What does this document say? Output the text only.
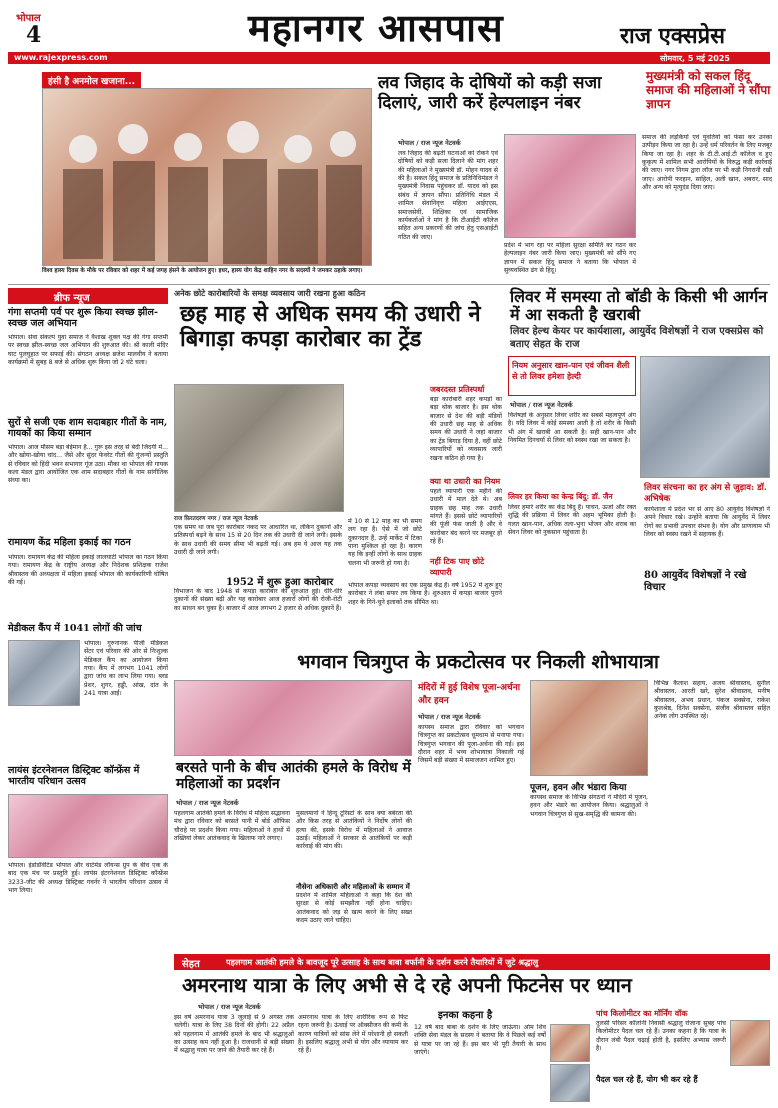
भोपाल
4	महानगर आसपास	राज एक्सप्रेस
www.rajexpress.com	सोमवार, 5 मई 2025
हंसी है अनमोल खजाना...
विश्व हास्य दिवस के मौके पर रविवार को शहर में कई जगह हंसने के आयोजन हुए। इधर, हास्य योग केंद्र शाहिन नगर के सदस्यों ने जमकर ठहाके लगाए।
लव जिहाद के दोषियों को कड़ी सजा दिलाएं, जारी करें हेल्पलाइन नंबर
मुख्यमंत्री को सकल हिंदू समाज की महिलाओं ने सौंपा ज्ञापन
भोपाल / राज न्यूज नेटवर्क
लव जिहाद की बढ़ती घटनाओं को रोकने एवं दोषियों को कड़ी सजा दिलाने की मांग शहर की महिलाओं ने मुख्यमंत्री डॉ. मोहन यादव से की है। सकल हिंदू समाज के प्रतिनिधिमंडल ने मुख्यमंत्री निवास पहुंचकर डॉ. यादव को इस संबंध में ज्ञापन सौंपा। प्रतिनिधि मंडल में शामिल सेवानिवृत्त महिला आईएएस, समाजसेवी, शिक्षिका एवं सामाजिक कार्यकर्ताओं ने मांग है कि टीआईटी कॉलेज सहित अन्य प्रकरणों की जांच हेतु एसआईटी गठित की जाए।
प्रदेश में भाग रहा पर महिला सुरक्षा समिति का गठन कर हेल्पलाइन नंबर जारी किया जाए। मुख्यमंत्री को सौंपे गए ज्ञापन में सकल हिंदू समाज ने बताया कि भोपाल में सुव्यवस्थित ढंग से हिंदू।
समाज की लड़कियों एवं युवतियों को फंसा कर उनका उत्पीड़न किया जा रहा है। उन्हें धर्म परिवर्तन के लिए मजबूर किया जा रहा है। शहर के टी.टी.आई.टी कॉलेज व हुए कुकृत्य में शामिल सभी आरोपियों के विरुद्ध कड़ी कार्रवाई की जाए। नगर निगम द्वारा लॉज पर भी कड़ी निगरानी रखी जाए। आरोपी फरहान, साहिल, अली खान, अबरार, साद और अन्य को मृत्युदंड दिया जाए।
ब्रीफ न्यूज
गंगा सप्तमी पर्व पर शुरू किया स्वच्छ झील-स्वच्छ जल अभियान
भोपाल। सेवा संकल्प युवा समाज ने वैशाख शुक्ल पक्ष की गंगा सप्तमी पर स्वच्छ झील-स्वच्छ जल अभियान की शुरुआत की। श्री काली मंदिर घाट पुलघुहात पर सफाई की। संगठन अध्यक्ष ब्रजेश मालवीय ने बताया कार्यक्रमों में सुबह 8 बजे से अधिक शुरू किया जो 2 घंटे चला।
सुरों से सजी एक शाम सदाबहार गीतों के नाम, गायकों का किया सम्मान
भोपाल। आज मौसम बड़ा बेईमान है... गुरू इस तरह से बेदी जिंदगी में... और खोया-खोया चांद... जैसे और सुंदर फेवरेट गीतों की गूंजन्यों प्रस्तुति से रविवार को हिंदी भवन सभागार गूंज उठा। मौका था भोपाल की गायक कला मंडल द्वारा आयोजित एक शाम सदाबहार गीतों के नाम सांगीतिक संध्या का।
रामायण केंद्र महिला इकाई का गठन
भोपाल। रामायण केंद्र की महिला इकाई लालघाटी भोपाल का गठन किया गया। रामायण केंद्र के राष्ट्रीय अध्यक्ष और निदेशक प्रशिक्षक राजेश श्रीवास्तव की अध्यक्षता में महिला इकाई भोपाल की कार्यकारिणी घोषित की गई।
मेडीकल कैंप में 1041 लोगों की जांच
भोपाल। गुरुनानक पीजी मेडिकल सेंटर एवं परिवार की ओर से निःशुल्क मेडिकल कैंप का आयोजन किया गया। कैंप में लगभग 1041 लोगों द्वारा जांच का लाभ लिया गया। ब्लड प्रेशर, शुगर, हड्डी, आंख, दांत के 241 यात्रा आईं।
लायंस इंटरनेशनल डिस्ट्रिक्ट कॉन्फ्रेंस में भारतीय परिधान उत्सव
भोपाल। इंडोडॉवेटिड भोपाल और चार्टमेड लॉयन्स ग्रुप के बीच एक के बाद एक मंच पर प्रस्तुति हुई। लायंस इंटरनेशनल डिस्ट्रिक्ट कॉन्फ्रेंस 3233-जीट की अध्यक्ष डिस्ट्रिक्ट गवर्नर ने भारतीय परिधान उत्सव में भाग लिया।
अनेक छोटे कारोबारियों के समक्ष व्यवसाय जारी रखना हुआ कठिन
छह माह से अधिक समय की उधारी ने बिगाड़ा कपड़ा कारोबार का ट्रेंड
राज फ़ि‍रतदरण नगर / राज न्यूज नेटवर्क	में 10 से 12 माह का भी समय लग रहा है। ऐसे में जो छोटे दुकानदार हैं, उन्हें मार्केट में टिका पाना मुश्किल हो रहा है। कारण यह कि इन्हीं लोगों के साथ ग्राहक चलना भी जरूरी हो गया है।
जबरदस्त प्रतिस्पर्धा
बड़ा कारोबारी शहर कपड़ों का बड़ा थोक बाजार है। इस थोक बाजार से देश की बड़ी मंडियों की उधारी छह माह से अधिक समय की उधारी ने जहां बाजार का ट्रेंड बिगाड़ दिया है, वहीं छोटे व्यापारियों को व्यवसाय जारी रखना कठिन हो गया है।
क्या था उधारी का नियम
पहले व्यापारी एक महीने की उधारी में माल देते थे। अब ग्राहक छह माह तक उधारी मांगते हैं। इससे छोटे व्यापारियों की पूंजी फंस जाती है और वे कारोबार बंद करने पर मजबूर हो रहे हैं।
नहीं टिक पाए छोटे व्यापारी
एक समय था जब पूरा कारोबार नकद पर आधारित था, लेकिन दुकानों और प्रतिस्पर्धा बढ़ने के साथ 15 से 20 दिन तक की उधारी दी जाने लगी। इसके के साथ उधारी की समय सीमा भी बढ़ती गई। अब हम ये आज यह तक उधारी दी जाने लगी।
1952 में शुरू हुआ कारोबार
विभाजन के बाद 1948 से कपड़ा कारोबार की शुरुआत हुई। धीरे-धीरे दुकानों की संख्या बढ़ी और यह कारोबार आज हजारों लोगों की रोजी-रोटी का साधन बन चुका है। बाजार में आज लगभग 2 हजार से अधिक दुकानें हैं।
भोपाल कपड़ा व्यवसाय का एक प्रमुख केंद्र है। वर्ष 1952 में शुरू हुए कारोबार ने लंबा सफर तय किया है। शुरुआत में कपड़ा बाजार पुराने शहर के गिने-चुने इलाकों तक सीमित था।
लिवर में समस्या तो बॉडी के किसी भी आर्गन में आ सकती है खराबी
लिवर हेल्थ केयर पर कार्यशाला, आयुर्वेद विशेषज्ञों ने राज एक्सप्रेस को बताए सेहत के राज
नियम अनुसार खान-पान एवं जीवन शैली से तो लिवर हमेशा हेल्दी
भोपाल / राज न्यूज नेटवर्क
विशेषज्ञों के अनुसार लिवर शरीर का सबसे महत्वपूर्ण अंग है। यदि लिवर में कोई समस्या आती है तो शरीर के किसी भी अंग में खराबी आ सकती है। सही खान-पान और नियमित दिनचर्या से लिवर को स्वस्थ रखा जा सकता है।
लिवर हर किया का केन्द्र बिंदु: डॉ. जैन
लिवर हमारे शरीर का केंद्र बिंदु है। पाचन, ऊर्जा और रक्त शुद्धि की प्रक्रिया में लिवर की अहम भूमिका होती है। गलत खान-पान, अधिक तला-भुना भोजन और शराब का सेवन लिवर को नुकसान पहुंचाता है।
लिवर संरचना का हर अंग से जुड़ाव: डॉ. अभिषेक
कार्यशाला में प्रदेश भर से आए 80 आयुर्वेद विशेषज्ञों ने अपने विचार रखे। उन्होंने बताया कि आयुर्वेद में लिवर रोगों का प्रभावी उपचार संभव है। योग और प्राणायाम भी लिवर को स्वस्थ रखने में सहायक हैं।
80 आयुर्वेद विशेषज्ञों ने रखे विचार
भगवान चित्रगुप्त के प्रकटोत्सव पर निकली शोभायात्रा
मंदिरों में हुई विशेष पूजा-अर्चना और हवन
भोपाल / राज न्यूज नेटवर्क
कायस्थ समाज द्वारा रविवार को भगवान चित्रगुप्त का प्रकटोत्सव धूमधाम से मनाया गया। चित्रगुप्त भगवान की पूजा-अर्चना की गई। इस दौरान शहर में भव्य शोभायात्रा निकाली गई जिसमें बड़ी संख्या में समाजजन शामिल हुए।
पूजन, हवन और भंडारा किया
कायस्थ समाज के विभिन्न संगठनों ने मंदिरों में पूजन, हवन और भंडारे का आयोजन किया। श्रद्धालुओं ने भगवान चित्रगुप्त से सुख-समृद्धि की कामना की।
विभिन्न कैलाश सहाय, अजय श्रीवास्तव, सुनील श्रीवास्तव, आरती खरे, सुरेश श्रीवास्तव, मनीष श्रीवास्तव, अभय प्रधान, पंकज सक्सेना, राकेश कुलश्रेष्ठ, दिनेश सक्सेना, संजीव श्रीवास्तव सहित अनेक लोग उपस्थित रहे।
बरसते पानी के बीच आतंकी हमले के विरोध में महिलाओं का प्रदर्शन
भोपाल / राज न्यूज नेटवर्क
पहलगाम आतंकी हमले के विरोध में महिला सद्भावना मंच द्वारा रविवार को बरसते पानी में बोर्ड ऑफिस चौराहे पर प्रदर्शन किया गया। महिलाओं ने हाथों में तख्तियां लेकर आतंकवाद के खिलाफ नारे लगाए।
मुसलमानों ने हिन्दू टूरिस्टों के साथ क्या बर्बरता की और किस तरह से आतंकियों ने निर्दोष लोगों की हत्या की, इसके विरोध में महिलाओं ने आवाज उठाई। महिलाओं ने सरकार से आतंकियों पर कड़ी कार्रवाई की मांग की।
नौसेना अधिकारी और महिलाओं के सम्मान में
प्रदर्शन में शामिल महिलाओं ने कहा कि देश की सुरक्षा से कोई समझौता नहीं होना चाहिए। आतंकवाद को जड़ से खत्म करने के लिए सख्त कदम उठाए जाने चाहिए।
सेहत	पहलगाम आतंकी हमले के बावजूद पूरे उत्साह के साथ बाबा बर्फानी के दर्शन करने तैयारियों में जुटे श्रद्धालु
अमरनाथ यात्रा के लिए अभी से दे रहे अपनी फिटनेस पर ध्यान
भोपाल / राज न्यूज नेटवर्क
इस वर्ष अमरनाथ यात्रा 3 जुलाई से 9 अगस्त तक चलेगी। यात्रा के लिए 38 दिनों की होगी। 22 अप्रैल को पहलगाम में आतंकी हमले के बाद भी श्रद्धालुओं का उत्साह कम नहीं हुआ है। राजधानी से बड़ी संख्या में श्रद्धालु यात्रा पर जाने की तैयारी कर रहे हैं।
अमरनाथ यात्रा के लिए शारीरिक रूप से फिट रहना जरूरी है। ऊंचाई पर ऑक्सीजन की कमी के कारण यात्रियों को सांस लेने में परेशानी हो सकती है। इसलिए श्रद्धालु अभी से योग और व्यायाम कर रहे हैं।
इनका कहना है
12 वर्ष बाद बाबा के दर्शन के लिए जाऊंगा। ओम शिव शक्ति सेवा मंडल के सदस्य ने बताया कि वे पिछले कई वर्षों से यात्रा पर जा रहे हैं। इस बार भी पूरी तैयारी के साथ जाएंगे।
पांच किलोमीटर का मॉर्निंग वॉक
तुलसी परिसर कॉलोनी निवासी श्रद्धालु रोजाना सुबह पांच किलोमीटर पैदल चल रहे हैं। उनका कहना है कि यात्रा के दौरान लंबी पैदल चढ़ाई होती है, इसलिए अभ्यास जरूरी है।
पैदल चल रहे हैं, योग भी कर रहे हैं
